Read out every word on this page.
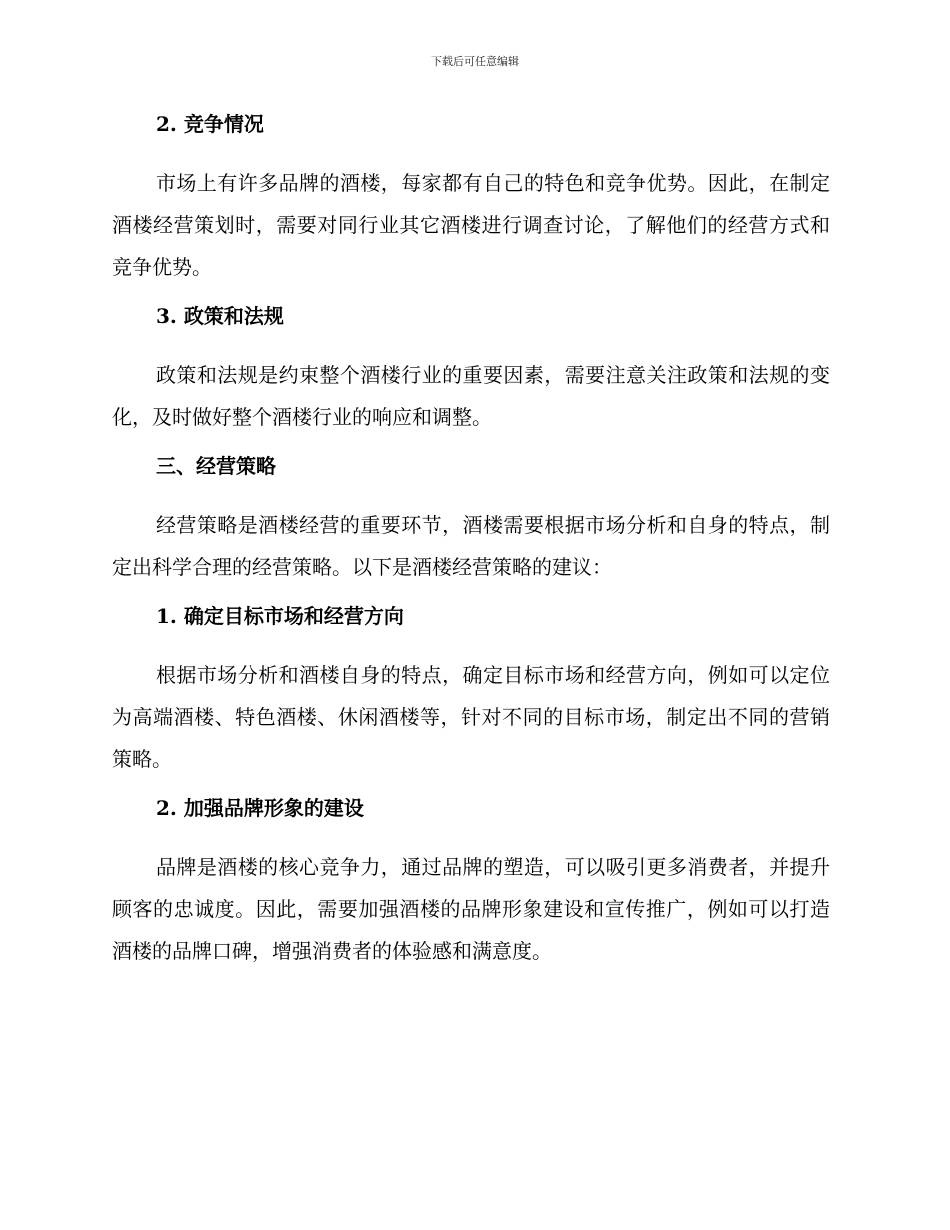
下载后可任意编辑
2. 竞争情况
市场上有许多品牌的酒楼，每家都有自己的特色和竞争优势。因此，在制定酒楼经营策划时，需要对同行业其它酒楼进行调查讨论，了解他们的经营方式和竞争优势。
3. 政策和法规
政策和法规是约束整个酒楼行业的重要因素，需要注意关注政策和法规的变化，及时做好整个酒楼行业的响应和调整。
三、经营策略
经营策略是酒楼经营的重要环节，酒楼需要根据市场分析和自身的特点，制定出科学合理的经营策略。以下是酒楼经营策略的建议：
1. 确定目标市场和经营方向
根据市场分析和酒楼自身的特点，确定目标市场和经营方向，例如可以定位为高端酒楼、特色酒楼、休闲酒楼等，针对不同的目标市场，制定出不同的营销策略。
2. 加强品牌形象的建设
品牌是酒楼的核心竞争力，通过品牌的塑造，可以吸引更多消费者，并提升顾客的忠诚度。因此，需要加强酒楼的品牌形象建设和宣传推广，例如可以打造酒楼的品牌口碑，增强消费者的体验感和满意度。
